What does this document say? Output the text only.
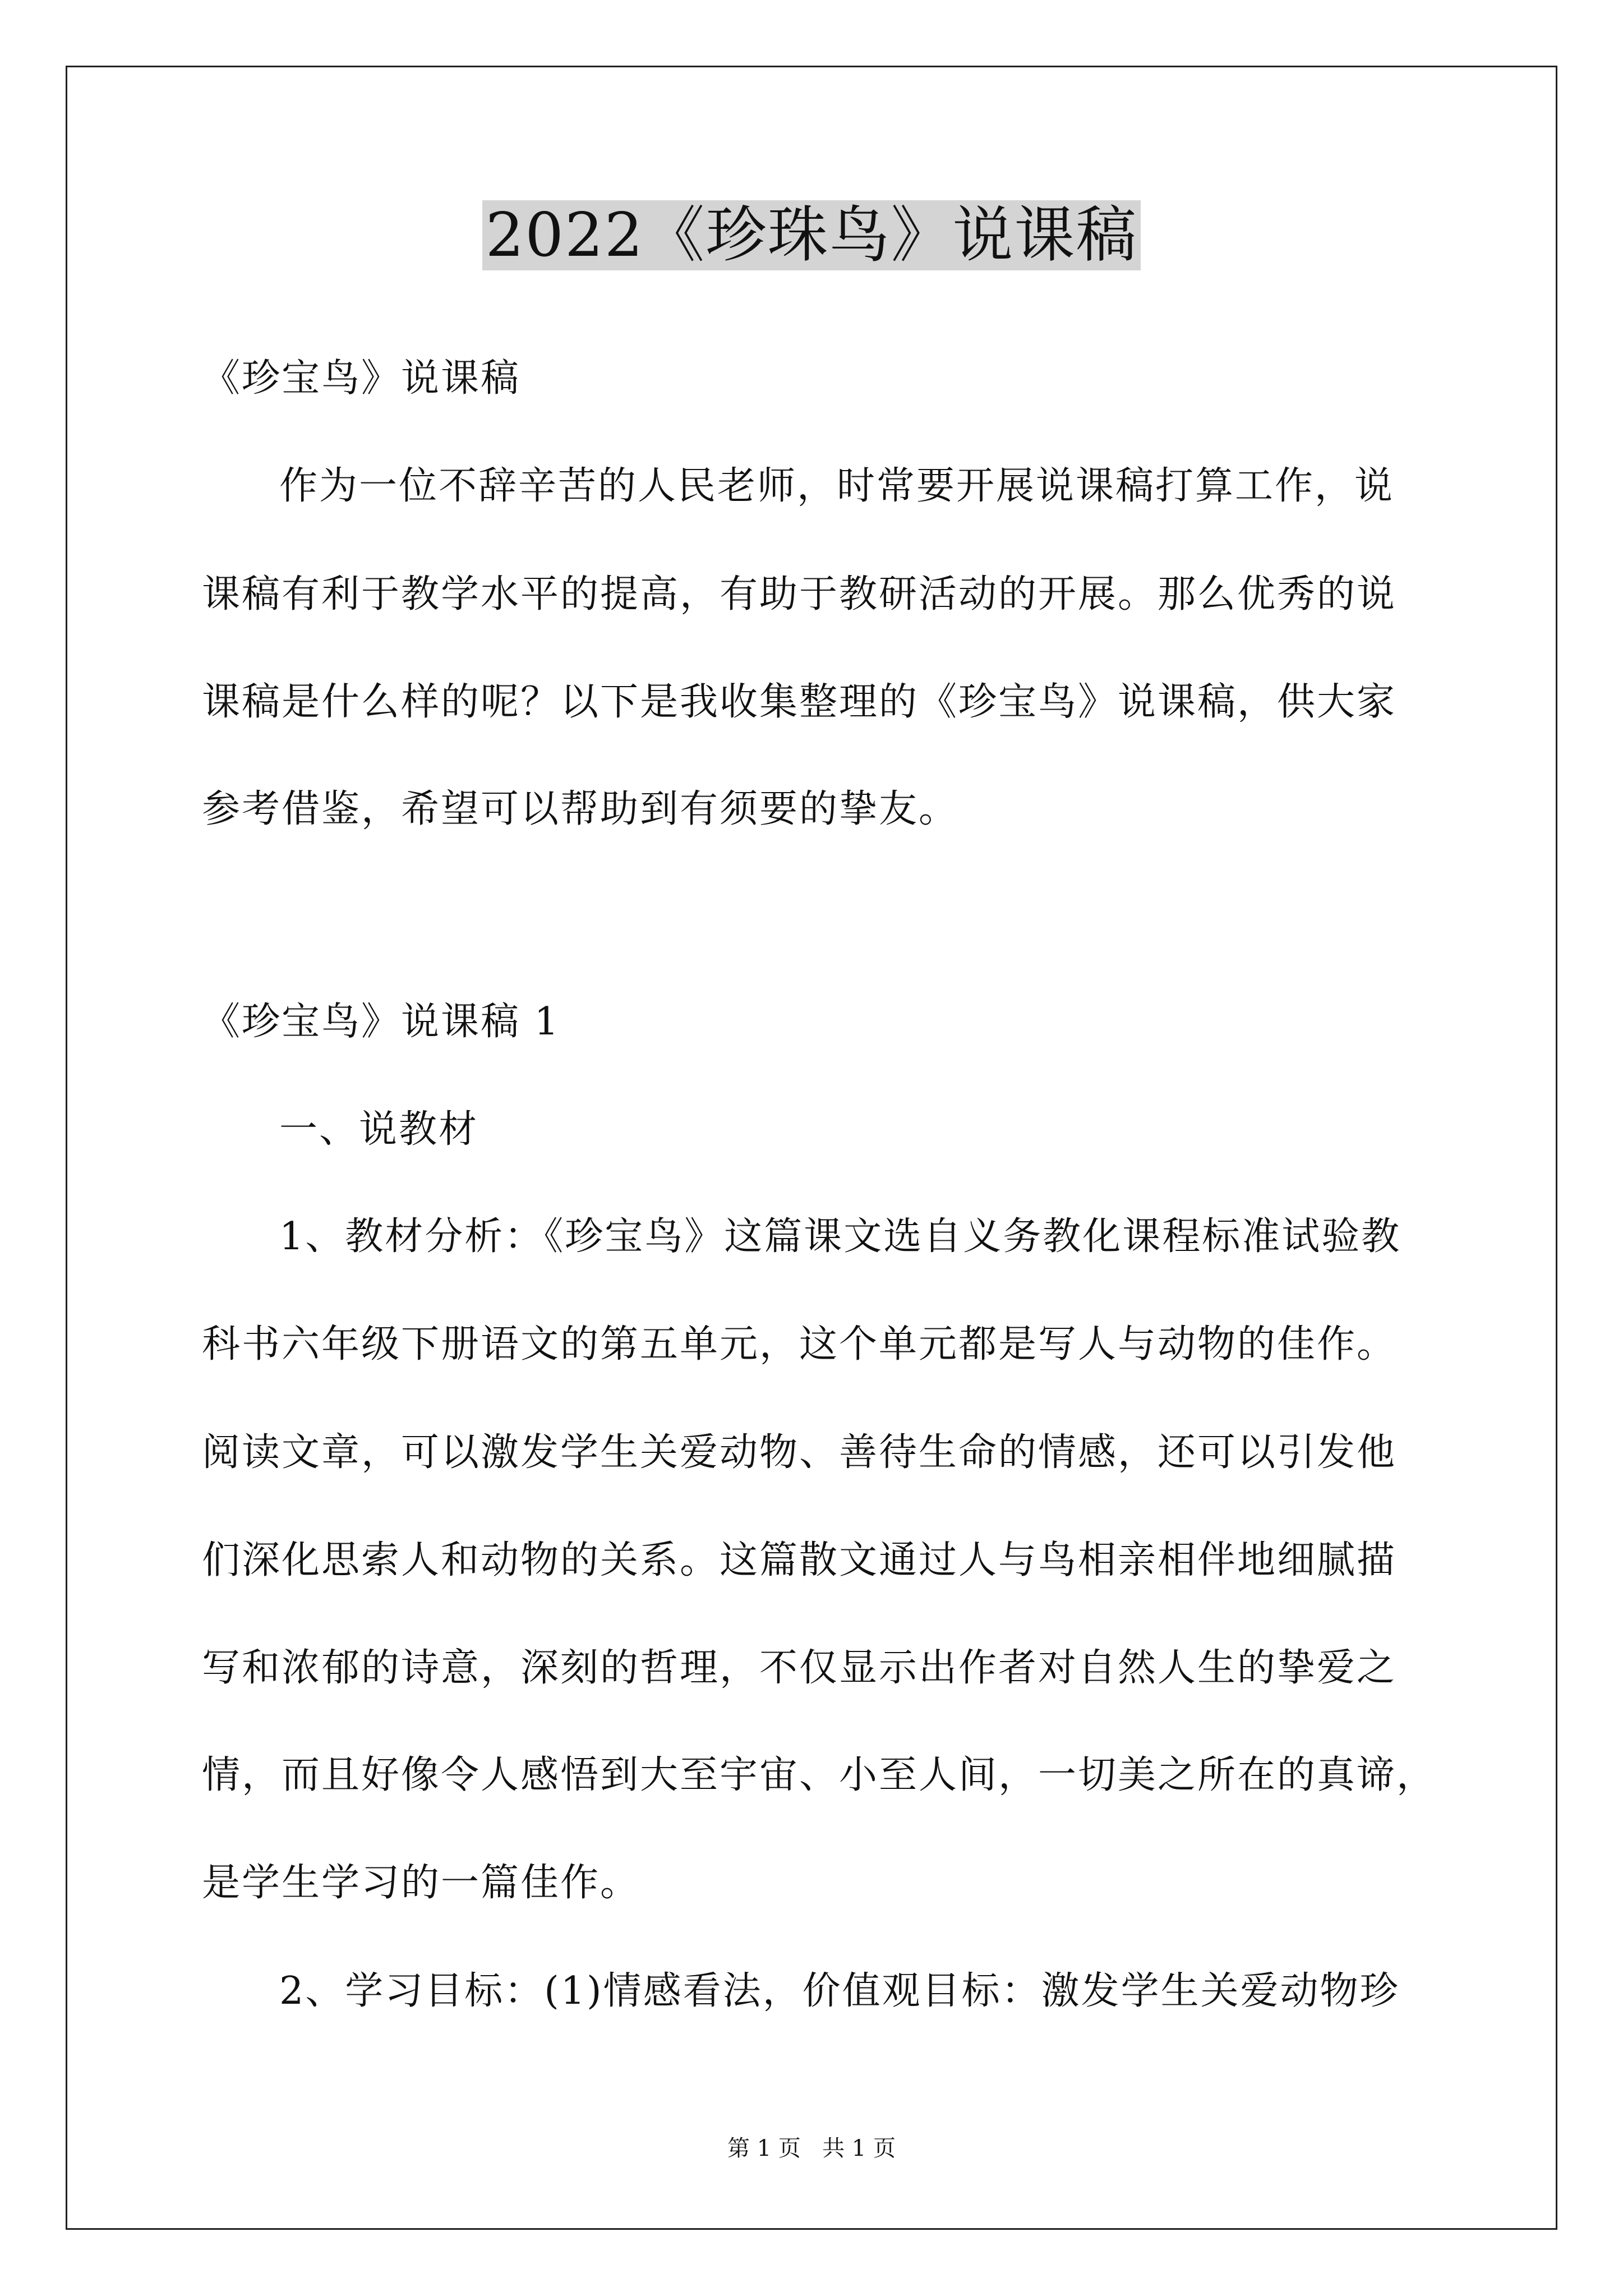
2022《珍珠鸟》说课稿
《珍宝鸟》说课稿
作为一位不辞辛苦的人民老师，时常要开展说课稿打算工作，说
课稿有利于教学水平的提高，有助于教研活动的开展。那么优秀的说
课稿是什么样的呢？以下是我收集整理的《珍宝鸟》说课稿，供大家
参考借鉴，希望可以帮助到有须要的挚友。
《珍宝鸟》说课稿 1
一、说教材
1、教材分析：《珍宝鸟》这篇课文选自义务教化课程标准试验教
科书六年级下册语文的第五单元，这个单元都是写人与动物的佳作。
阅读文章，可以激发学生关爱动物、善待生命的情感，还可以引发他
们深化思索人和动物的关系。这篇散文通过人与鸟相亲相伴地细腻描
写和浓郁的诗意，深刻的哲理，不仅显示出作者对自然人生的挚爱之
情，而且好像令人感悟到大至宇宙、小至人间，一切美之所在的真谛，
是学生学习的一篇佳作。
2、学习目标：(1)情感看法，价值观目标：激发学生关爱动物珍
第 1 页   共 1 页
